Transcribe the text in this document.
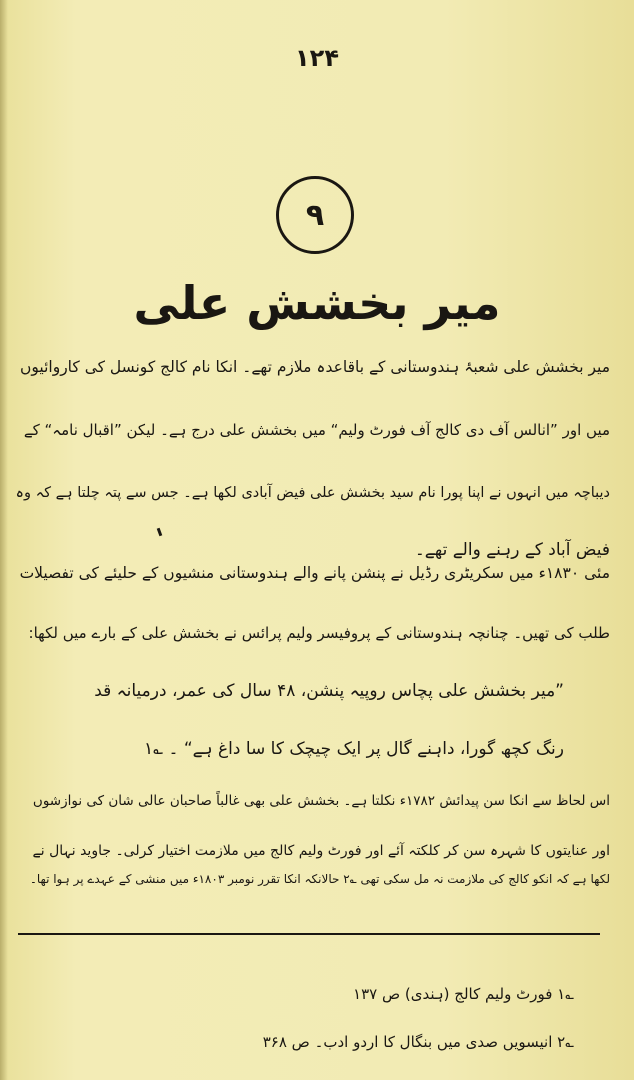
۱۲۴
۹
میر بخشش علی
میر بخشش علی شعبۂ ہندوستانی کے باقاعدہ ملازم تھے۔ انکا نام کالج کونسل کی کاروائیوں
میں اور ”انالس آف دی کالج آف فورٹ ولیم“ میں بخشش علی درج ہے۔ لیکن ”اقبال نامہ“ کے
دیباچہ میں انہوں نے اپنا پورا نام سید بخشش علی فیض آبادی لکھا ہے۔ جس سے پتہ چلتا ہے کہ وہ
فیض آباد کے رہنے والے تھے۔
مئی ۱۸۳۰ء میں سکریٹری رڈیل نے پنشن پانے والے ہندوستانی منشیوں کے حلیئے کی تفصیلات
طلب کی تھیں۔ چنانچہ ہندوستانی کے پروفیسر ولیم پرائس نے بخشش علی کے بارے میں لکھا:
”میر بخشش علی پچاس روپیہ پنشن، ۴۸ سال کی عمر، درمیانہ قد
رنگ کچھ گورا، داہنے گال پر ایک چیچک کا سا داغ ہے“ ۔ ؎۱
اس لحاظ سے انکا سن پیدائش ۱۷۸۲ء نکلتا ہے۔ بخشش علی بھی غالباً صاحبان عالی شان کی نوازشوں
اور عنایتوں کا شہرہ سن کر کلکتہ آئے اور فورٹ ولیم کالج میں ملازمت اختیار کرلی۔ جاوید نہال نے
لکھا ہے کہ انکو کالج کی ملازمت نہ مل سکی تھی ؎۲ حالانکہ انکا تقرر نومبر ۱۸۰۳ء میں منشی کے عہدے پر ہوا تھا۔
؎۱ فورٹ ولیم کالج (ہندی) ص ۱۳۷
؎۲ انیسویں صدی میں بنگال کا اردو ادب۔ ص ۳۶۸
